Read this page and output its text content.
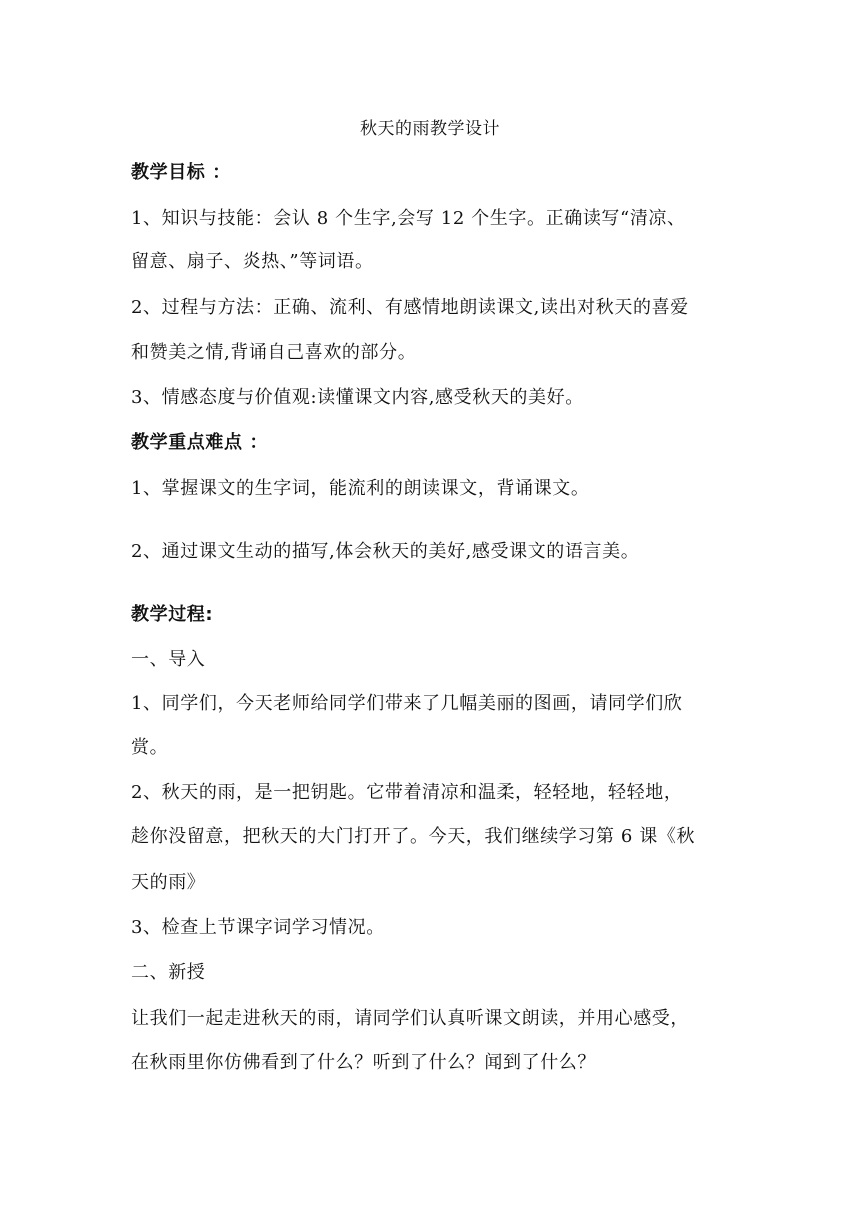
秋天的雨教学设计
教学目标 ：
1、知识与技能：会认 8 个生字,会写 12 个生字。正确读写“清凉、
留意、扇子、炎热、”等词语。
2、过程与方法：正确、流利、有感情地朗读课文,读出对秋天的喜爱
和赞美之情,背诵自己喜欢的部分。
3、情感态度与价值观:读懂课文内容,感受秋天的美好。
教学重点难点 ：
1、掌握课文的生字词，能流利的朗读课文，背诵课文。
2、通过课文生动的描写,体会秋天的美好,感受课文的语言美。
教学过程:
一、导入
1、同学们，今天老师给同学们带来了几幅美丽的图画，请同学们欣
赏。
2、秋天的雨，是一把钥匙。它带着清凉和温柔，轻轻地，轻轻地，
趁你没留意，把秋天的大门打开了。今天，我们继续学习第 6 课《秋
天的雨》
3、检查上节课字词学习情况。
二、新授
让我们一起走进秋天的雨，请同学们认真听课文朗读，并用心感受，
在秋雨里你仿佛看到了什么？听到了什么？闻到了什么？
